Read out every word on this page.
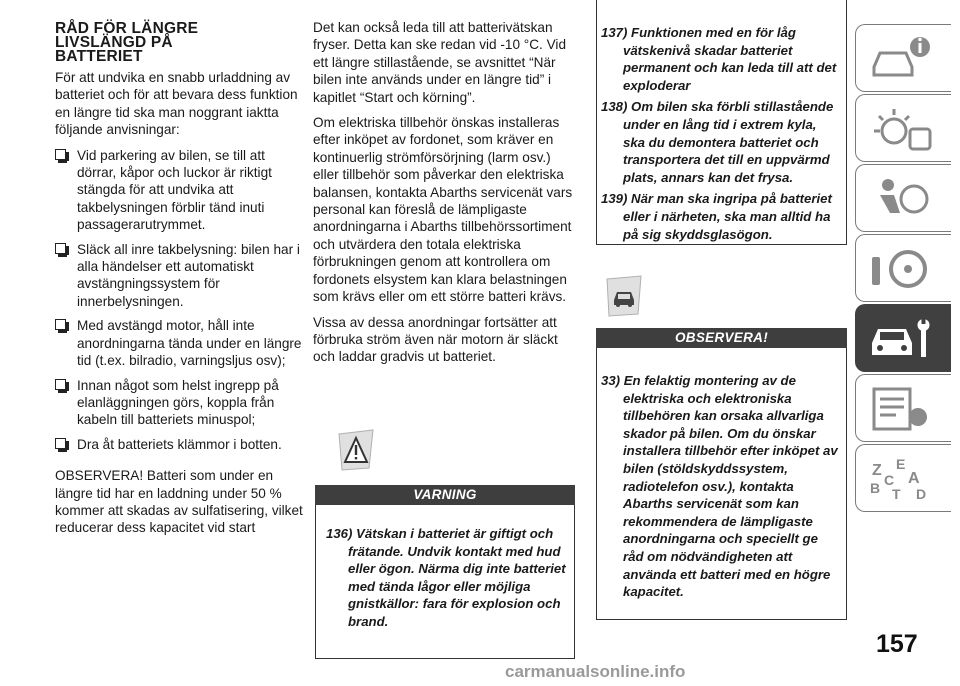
RÅD FÖR LÄNGRE
LIVSLÄNGD PÅ
BATTERIET

För att undvika en snabb urladdning av batteriet och för att bevara dess funktion en längre tid ska man noggrant iaktta följande anvisningar:

Vid parkering av bilen, se till att dörrar, kåpor och luckor är riktigt stängda för att undvika att takbelysningen förblir tänd inuti passagerarutrymmet.
Släck all inre takbelysning: bilen har i alla händelser ett automatiskt avstängningssystem för innerbelysningen.
Med avstängd motor, håll inte anordningarna tända under en längre tid (t.ex. bilradio, varningsljus osv);
Innan något som helst ingrepp på elanläggningen görs, koppla från kabeln till batteriets minuspol;
Dra åt batteriets klämmor i botten.

OBSERVERA! Batteri som under en längre tid har en laddning under 50 % kommer att skadas av sulfatisering, vilket reducerar dess kapacitet vid start

Det kan också leda till att batterivätskan fryser. Detta kan ske redan vid -10 °C. Vid ett längre stillastående, se avsnittet “När bilen inte används under en längre tid” i kapitlet “Start och körning”.

Om elektriska tillbehör önskas installeras efter inköpet av fordonet, som kräver en kontinuerlig strömförsörjning (larm osv.) eller tillbehör som påverkar den elektriska balansen, kontakta Abarths servicenät vars personal kan föreslå de lämpligaste anordningarna i Abarths tillbehörssortiment och utvärdera den totala elektriska förbrukningen genom att kontrollera om fordonets elsystem kan klara belastningen som krävs eller om ett större batteri krävs.

Vissa av dessa anordningar fortsätter att förbruka ström även när motorn är släckt och laddar gradvis ut batteriet.

VARNING
136) Vätskan i batteriet är giftigt och frätande. Undvik kontakt med hud eller ögon. Närma dig inte batteriet med tända lågor eller möjliga gnistkällor: fara för explosion och brand.
137) Funktionen med en för låg vätskenivå skadar batteriet permanent och kan leda till att det exploderar
138) Om bilen ska förbli stillastående under en lång tid i extrem kyla, ska du demontera batteriet och transportera det till en uppvärmd plats, annars kan det frysa.
139) När man ska ingripa på batteriet eller i närheten, ska man alltid ha på sig skyddsglasögon.
OBSERVERA!
33) En felaktig montering av de elektriska och elektroniska tillbehören kan orsaka allvarliga skador på bilen. Om du önskar installera tillbehör efter inköpet av bilen (stöldskyddssystem, radiotelefon osv.), kontakta Abarths servicenät som kan rekommendera de lämpligaste anordningarna och speciellt ge råd om nödvändigheten att använda ett batteri med en högre kapacitet.
Z E
A
B C
T D
157
carmanualsonline.info
